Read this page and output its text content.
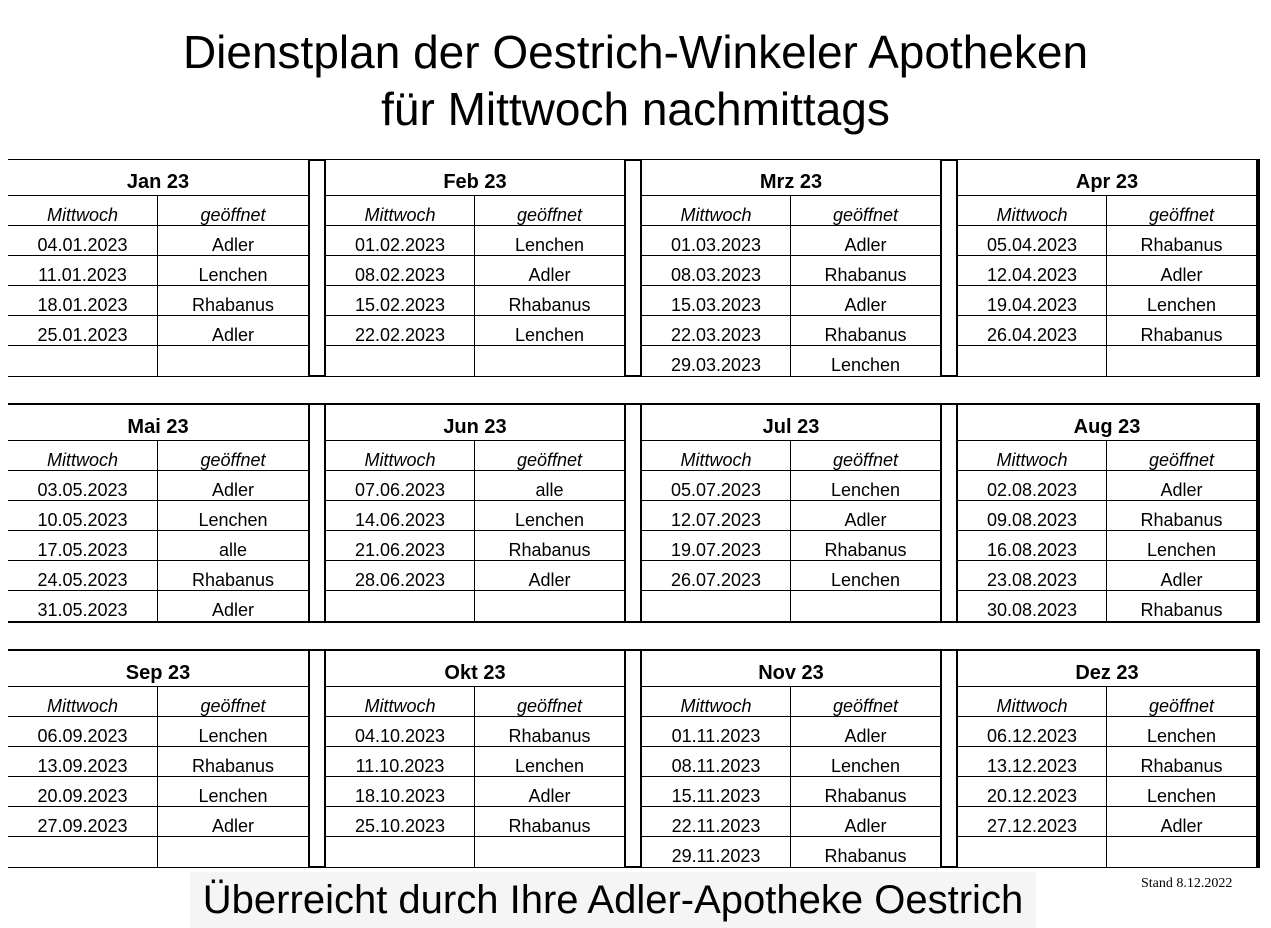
Dienstplan der Oestrich-Winkeler Apotheken
für Mittwoch nachmittags
Jan 23
Mittwoch	geöffnet
04.01.2023	Adler
11.01.2023	Lenchen
18.01.2023	Rhabanus
25.01.2023	Adler
Feb 23
Mittwoch	geöffnet
01.02.2023	Lenchen
08.02.2023	Adler
15.02.2023	Rhabanus
22.02.2023	Lenchen
Mrz 23
Mittwoch	geöffnet
01.03.2023	Adler
08.03.2023	Rhabanus
15.03.2023	Adler
22.03.2023	Rhabanus
29.03.2023	Lenchen
Apr 23
Mittwoch	geöffnet
05.04.2023	Rhabanus
12.04.2023	Adler
19.04.2023	Lenchen
26.04.2023	Rhabanus
Mai 23
Mittwoch	geöffnet
03.05.2023	Adler
10.05.2023	Lenchen
17.05.2023	alle
24.05.2023	Rhabanus
31.05.2023	Adler
Jun 23
Mittwoch	geöffnet
07.06.2023	alle
14.06.2023	Lenchen
21.06.2023	Rhabanus
28.06.2023	Adler
Jul 23
Mittwoch	geöffnet
05.07.2023	Lenchen
12.07.2023	Adler
19.07.2023	Rhabanus
26.07.2023	Lenchen
Aug 23
Mittwoch	geöffnet
02.08.2023	Adler
09.08.2023	Rhabanus
16.08.2023	Lenchen
23.08.2023	Adler
30.08.2023	Rhabanus
Sep 23
Mittwoch	geöffnet
06.09.2023	Lenchen
13.09.2023	Rhabanus
20.09.2023	Lenchen
27.09.2023	Adler
Okt 23
Mittwoch	geöffnet
04.10.2023	Rhabanus
11.10.2023	Lenchen
18.10.2023	Adler
25.10.2023	Rhabanus
Nov 23
Mittwoch	geöffnet
01.11.2023	Adler
08.11.2023	Lenchen
15.11.2023	Rhabanus
22.11.2023	Adler
29.11.2023	Rhabanus
Dez 23
Mittwoch	geöffnet
06.12.2023	Lenchen
13.12.2023	Rhabanus
20.12.2023	Lenchen
27.12.2023	Adler
Stand 8.12.2022
Überreicht durch Ihre Adler-Apotheke Oestrich
